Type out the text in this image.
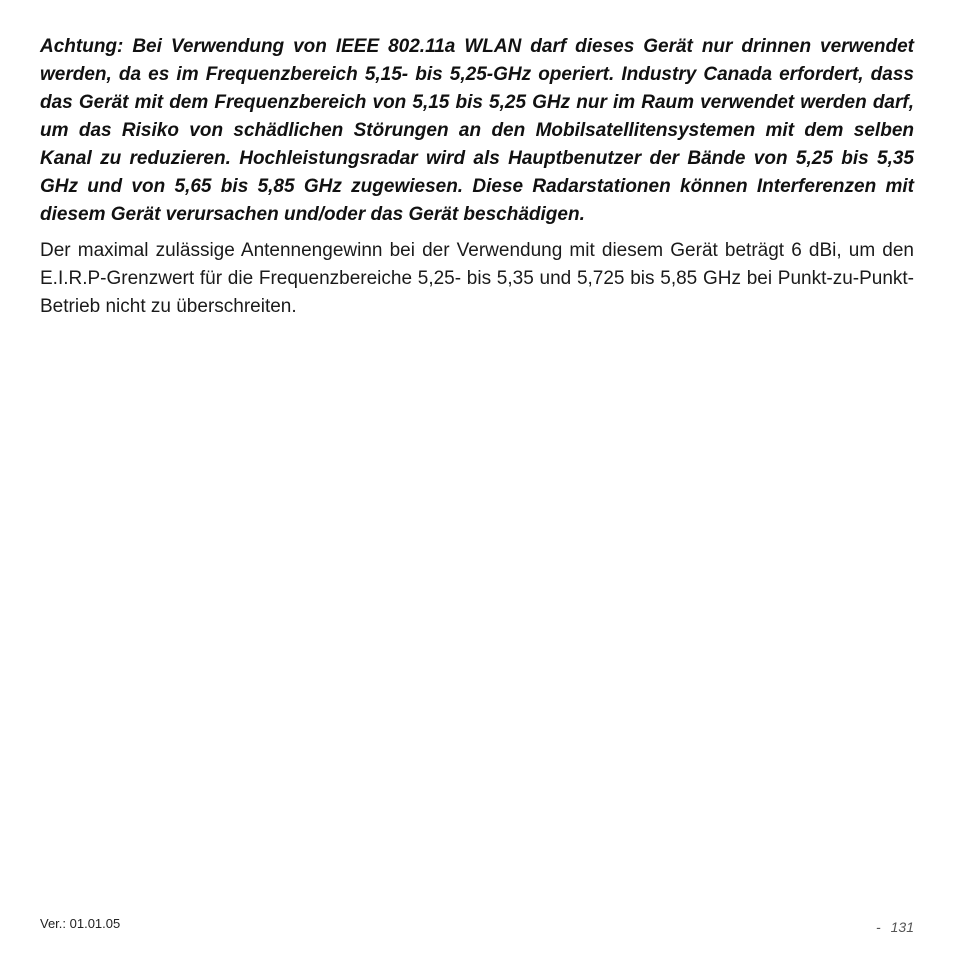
Achtung: Bei Verwendung von IEEE 802.11a WLAN darf dieses Gerät nur drinnen verwendet werden, da es im Frequenzbereich 5,15- bis 5,25-GHz operiert. Industry Canada erfordert, dass das Gerät mit dem Frequenzbereich von 5,15 bis 5,25 GHz nur im Raum verwendet werden darf, um das Risiko von schädlichen Störungen an den Mobilsatellitensystemen mit dem selben Kanal zu reduzieren. Hochleistungsradar wird als Hauptbenutzer der Bände von 5,25 bis 5,35 GHz und von 5,65 bis 5,85 GHz zugewiesen. Diese Radarstationen können Interferenzen mit diesem Gerät verursachen und/oder das Gerät beschädigen.

Der maximal zulässige Antennengewinn bei der Verwendung mit diesem Gerät beträgt 6 dBi, um den E.I.R.P-Grenzwert für die Frequenzbereiche 5,25- bis 5,35 und 5,725 bis 5,85 GHz bei Punkt-zu-Punkt-Betrieb nicht zu überschreiten.

Ver.: 01.01.05	- 131
